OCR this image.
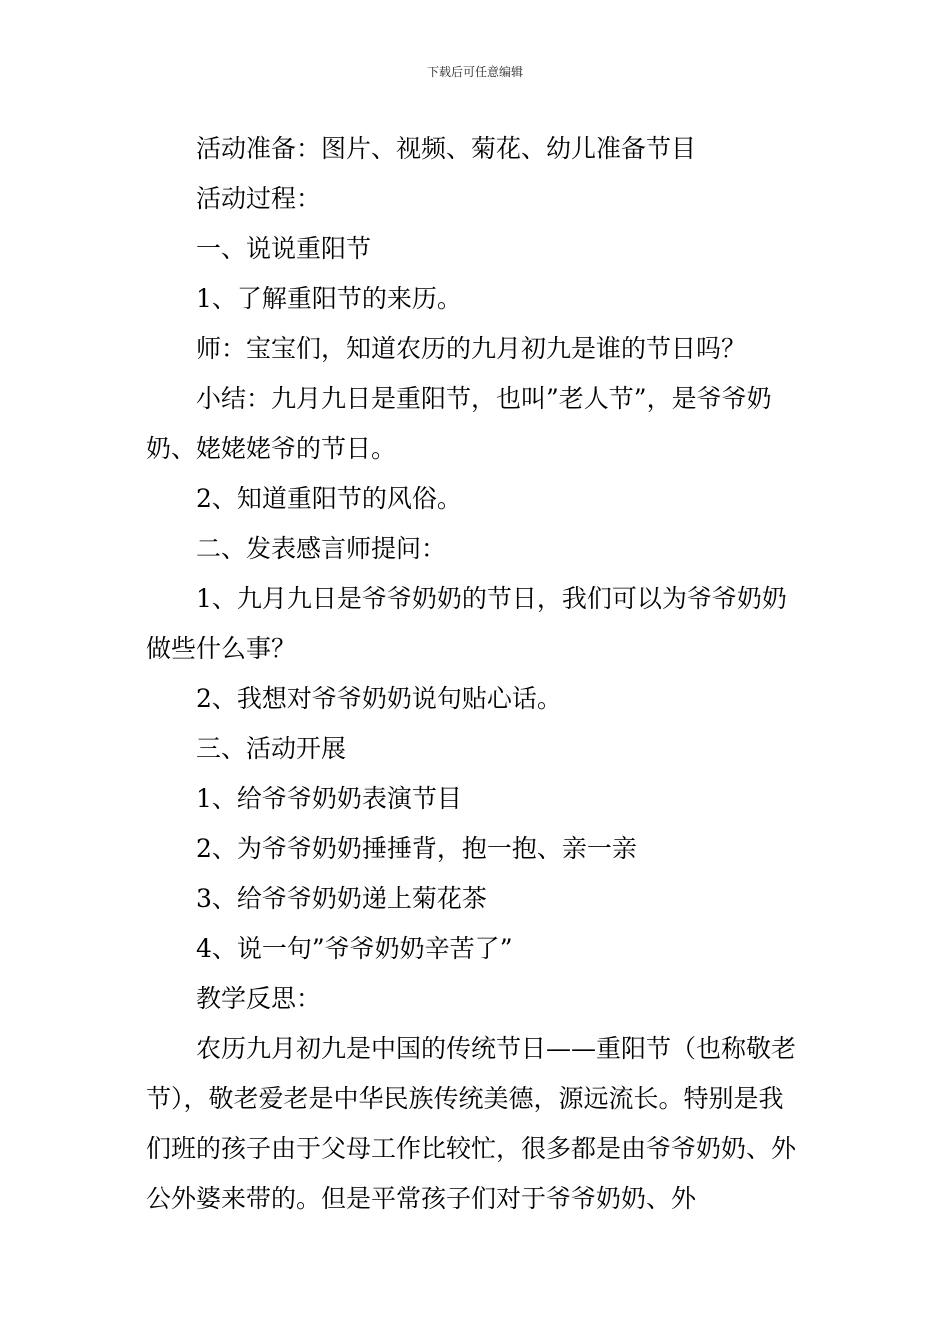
下载后可任意编辑

活动准备：图片、视频、菊花、幼儿准备节目

活动过程：

一、说说重阳节

1、了解重阳节的来历。

师：宝宝们，知道农历的九月初九是谁的节日吗？

小结：九月九日是重阳节，也叫”老人节”，是爷爷奶奶、姥姥姥爷的节日。

2、知道重阳节的风俗。

二、发表感言师提问：

1、九月九日是爷爷奶奶的节日，我们可以为爷爷奶奶做些什么事？

2、我想对爷爷奶奶说句贴心话。

三、活动开展

1、给爷爷奶奶表演节目

2、为爷爷奶奶捶捶背，抱一抱、亲一亲

3、给爷爷奶奶递上菊花茶

4、说一句”爷爷奶奶辛苦了”

教学反思：

农历九月初九是中国的传统节日——重阳节（也称敬老节），敬老爱老是中华民族传统美德，源远流长。特别是我们班的孩子由于父母工作比较忙，很多都是由爷爷奶奶、外公外婆来带的。但是平常孩子们对于爷爷奶奶、外
